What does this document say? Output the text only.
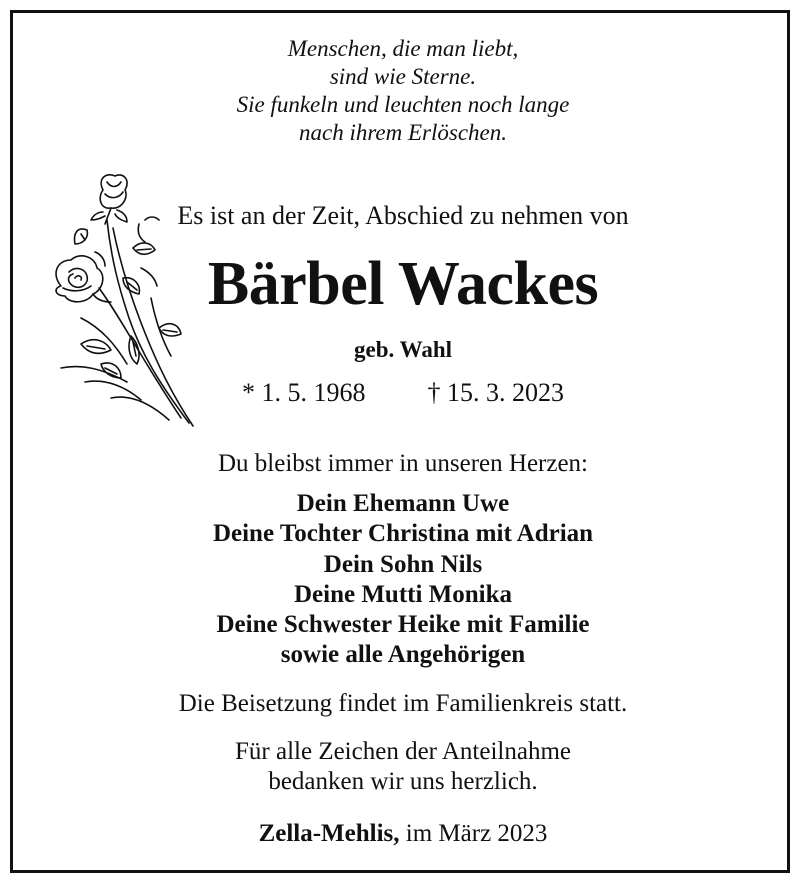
Menschen, die man liebt,
sind wie Sterne.
Sie funkeln und leuchten noch lange
nach ihrem Erlöschen.
Es ist an der Zeit, Abschied zu nehmen von
Bärbel Wackes
geb. Wahl
* 1. 5. 1968 † 15. 3. 2023
Du bleibst immer in unseren Herzen:
Dein Ehemann Uwe
Deine Tochter Christina mit Adrian
Dein Sohn Nils
Deine Mutti Monika
Deine Schwester Heike mit Familie
sowie alle Angehörigen
Die Beisetzung findet im Familienkreis statt.
Für alle Zeichen der Anteilnahme
bedanken wir uns herzlich.
Zella-Mehlis, im März 2023
